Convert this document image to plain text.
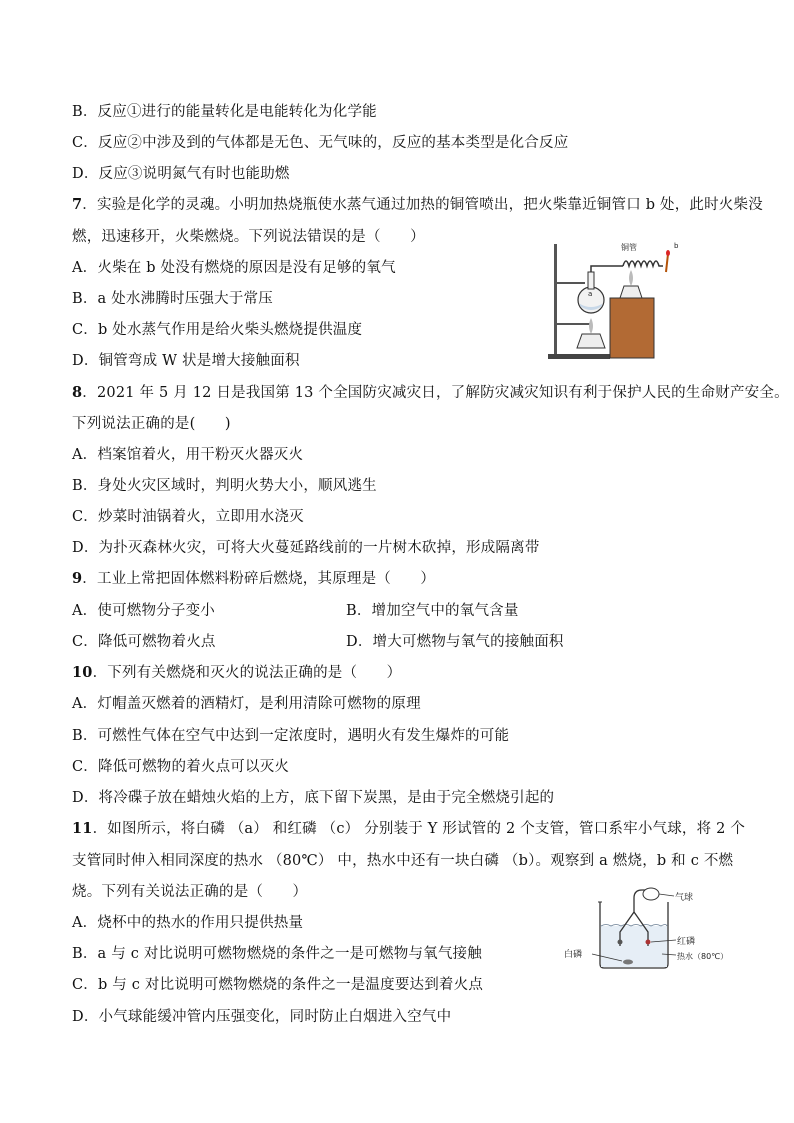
B．反应①进行的能量转化是电能转化为化学能
C．反应②中涉及到的气体都是无色、无气味的，反应的基本类型是化合反应
D．反应③说明氮气有时也能助燃
7．实验是化学的灵魂。小明加热烧瓶使水蒸气通过加热的铜管喷出，把火柴靠近铜管口 b 处，此时火柴没
燃，迅速移开，火柴燃烧。下列说法错误的是（　　）
A．火柴在 b 处没有燃烧的原因是没有足够的氧气
B．a 处水沸腾时压强大于常压
C．b 处水蒸气作用是给火柴头燃烧提供温度
D．铜管弯成 W 状是增大接触面积
a
铜管	b
8．2021 年 5 月 12 日是我国第 13 个全国防灾减灾日，了解防灾减灾知识有利于保护人民的生命财产安全。
下列说法正确的是(　　)
A．档案馆着火，用干粉灭火器灭火
B．身处火灾区域时，判明火势大小，顺风逃生
C．炒菜时油锅着火，立即用水浇灭
D．为扑灭森林火灾，可将大火蔓延路线前的一片树木砍掉，形成隔离带
9．工业上常把固体燃料粉碎后燃烧，其原理是（　　）
A．使可燃物分子变小	B．增加空气中的氧气含量
C．降低可燃物着火点	D．增大可燃物与氧气的接触面积
10．下列有关燃烧和灭火的说法正确的是（　　）
A．灯帽盖灭燃着的酒精灯，是利用清除可燃物的原理
B．可燃性气体在空气中达到一定浓度时，遇明火有发生爆炸的可能
C．降低可燃物的着火点可以灭火
D．将冷碟子放在蜡烛火焰的上方，底下留下炭黑，是由于完全燃烧引起的
11．如图所示，将白磷 （a） 和红磷 （c） 分别装于 Y 形试管的 2 个支管，管口系牢小气球，将 2 个
支管同时伸入相同深度的热水 （80℃） 中，热水中还有一块白磷 （b）。观察到 a 燃烧，b 和 c 不燃
烧。下列有关说法正确的是（　　）
A．烧杯中的热水的作用只提供热量
B．a 与 c 对比说明可燃物燃烧的条件之一是可燃物与氧气接触
C．b 与 c 对比说明可燃物燃烧的条件之一是温度要达到着火点
D．小气球能缓冲管内压强变化，同时防止白烟进入空气中
气球
红磷
白磷	热水（80℃）
